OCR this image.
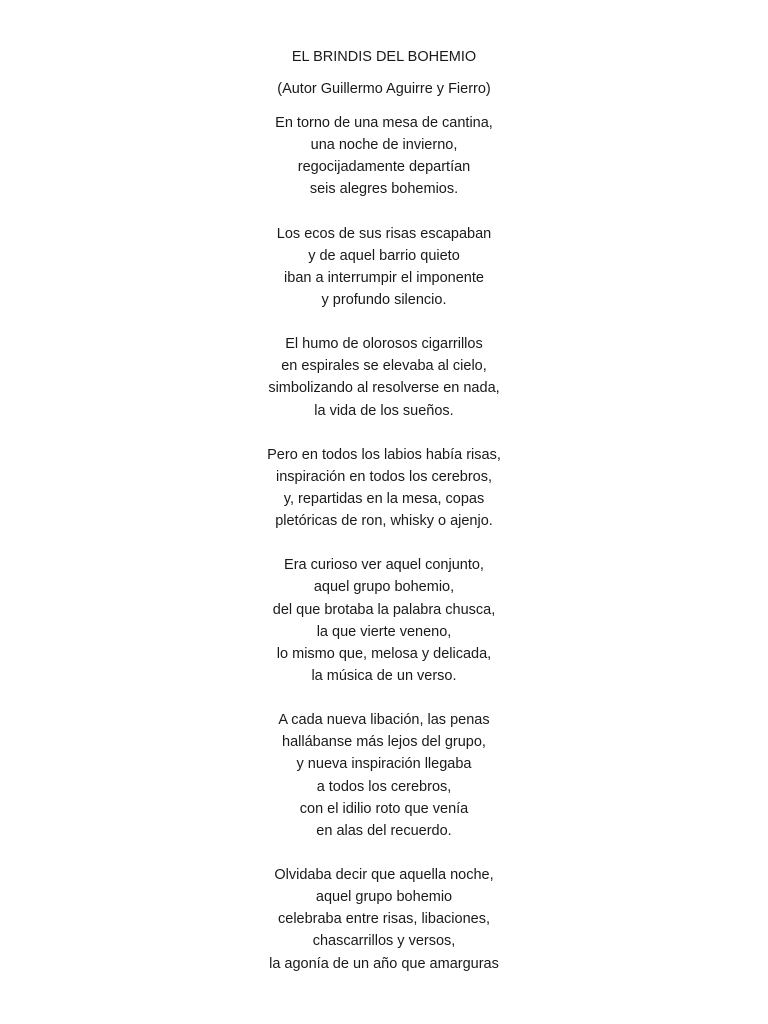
EL BRINDIS DEL BOHEMIO
(Autor Guillermo Aguirre y Fierro)
En torno de una mesa de cantina,
una noche de invierno,
regocijadamente departían
seis alegres bohemios.
Los ecos de sus risas escapaban
y de aquel barrio quieto
iban a interrumpir el imponente
y profundo silencio.
El humo de olorosos cigarrillos
en espirales se elevaba al cielo,
simbolizando al resolverse en nada,
la vida de los sueños.
Pero en todos los labios había risas,
inspiración en todos los cerebros,
y, repartidas en la mesa, copas
pletóricas de ron, whisky o ajenjo.
Era curioso ver aquel conjunto,
aquel grupo bohemio,
del que brotaba la palabra chusca,
la que vierte veneno,
lo mismo que, melosa y delicada,
la música de un verso.
A cada nueva libación, las penas
hallábanse más lejos del grupo,
y nueva inspiración llegaba
a todos los cerebros,
con el idilio roto que venía
en alas del recuerdo.
Olvidaba decir que aquella noche,
aquel grupo bohemio
celebraba entre risas, libaciones,
chascarrillos y versos,
la agonía de un año que amarguras
